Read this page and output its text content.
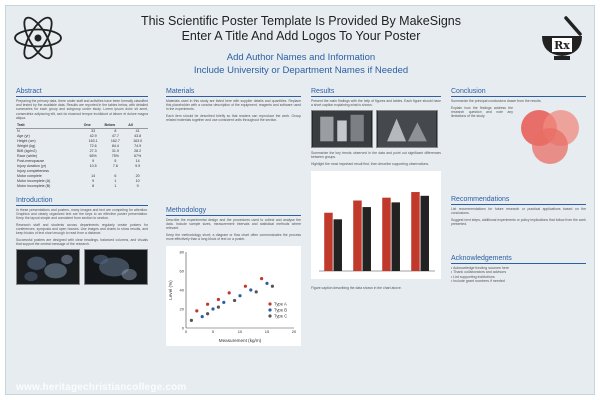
This Scientific Poster Template Is Provided By MakeSigns
Enter A Title And Add Logos To Your Poster
Add Author Names and Information
Include University or Department Names if Needed
Rx
Abstract
Preparing the primary data, there under staff and activities have been formally classified and tested by the available data. Results are reported in the tables below, with detailed summaries for each group and subgroup under study. Lorem ipsum dolor sit amet, consectetur adipiscing elit, sed do eiusmod tempor incididunt ut labore et dolore magna aliqua.
Trait	One	Below	All
N	33	8	41
Age (yr)	42.9	47.7	43.8
Height (cm)	163.1	162.7	163.0
Weight (kg)	72.6	84.4	74.9
BMI (kg/m2)	27.3	31.9	28.2
Race (white)	65%	75%	67%
Post-menopause	9	5	14
Injury duration (yr)	10.5	7.6	9.9
Injury completeness			
Motor complete	14	6	20
Motor incomplete (A)	9	1	10
Motor incomplete (B)	8	1	9
Introduction
In these presentations and posters, many images and text are competing for attention. Graphics and clearly organized text are the keys to an effective poster presentation. Keep the layout simple and consistent from section to section.
Research staff and students across departments regularly create posters for conferences, symposia and open houses. Use images and charts to show results, and keep blocks of text short enough to read from a distance.
Successful posters are designed with clear headings, balanced columns, and visuals that support the central message of the research.
Materials
Materials used in this study are listed here with supplier details and quantities. Replace this placeholder with a concise description of the equipment, reagents and software used in the experiments.
Each item should be described briefly so that readers can reproduce the work. Group related materials together and use consistent units throughout the section.
Methodology
Describe the experimental design and the procedures used to collect and analyse the data. Include sample sizes, measurement intervals and statistical methods where relevant.
Keep the methodology short; a diagram or flow chart often communicates the process more effectively than a long block of text on a poster.
0	5	10	15	20
0
20
40
60
80
Measurement (kg/m)
Level (%)
Type A
Type B
Type C
Results
Present the main findings with the help of figures and tables. Each figure should have a short caption explaining what is shown.
Summarize the key trends observed in the data and point out significant differences between groups.
Highlight the most important result first, then describe supporting observations.
Figure caption describing the data shown in the chart above.
Conclusion
Summarize the principal conclusions drawn from the results.
Explain how the findings address the research question and note any limitations of the study.
Recommendations
List recommendations for future research or practical applications based on the conclusions.
Suggest next steps, additional experiments or policy implications that follow from the work presented.
Acknowledgements
• Acknowledge funding sources here
• Thank collaborators and advisors
• List supporting institutions
• Include grant numbers if needed
www.heritagechristiancollege.com
